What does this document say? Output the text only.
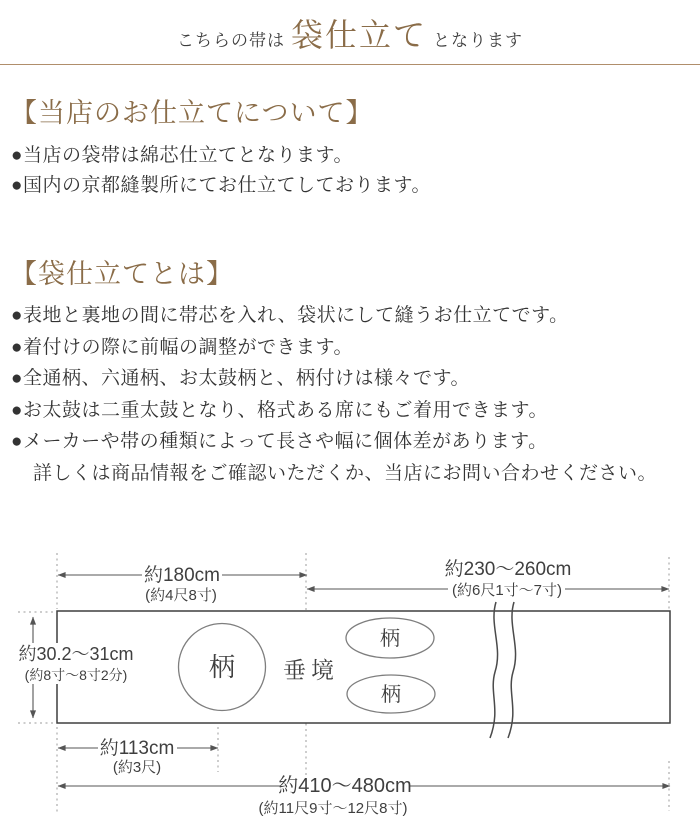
こちらの帯は 袋仕立て となります
【当店のお仕立てについて】
●当店の袋帯は綿芯仕立てとなります。
●国内の京都縫製所にてお仕立てしております。
【袋仕立てとは】
●表地と裏地の間に帯芯を入れ、袋状にして縫うお仕立てです。
●着付けの際に前幅の調整ができます。
●全通柄、六通柄、お太鼓柄と、柄付けは様々です。
●お太鼓は二重太鼓となり、格式ある席にもご着用できます。
●メーカーや帯の種類によって長さや幅に個体差があります。
詳しくは商品情報をご確認いただくか、当店にお問い合わせください。
約180cm
(約4尺8寸)
約230〜260cm
(約6尺1寸〜7寸)
約30.2〜31cm
(約8寸〜8寸2分)
約113cm
(約3尺)
約410〜480cm
(約11尺9寸〜12尺8寸)
柄
柄
柄
垂境
